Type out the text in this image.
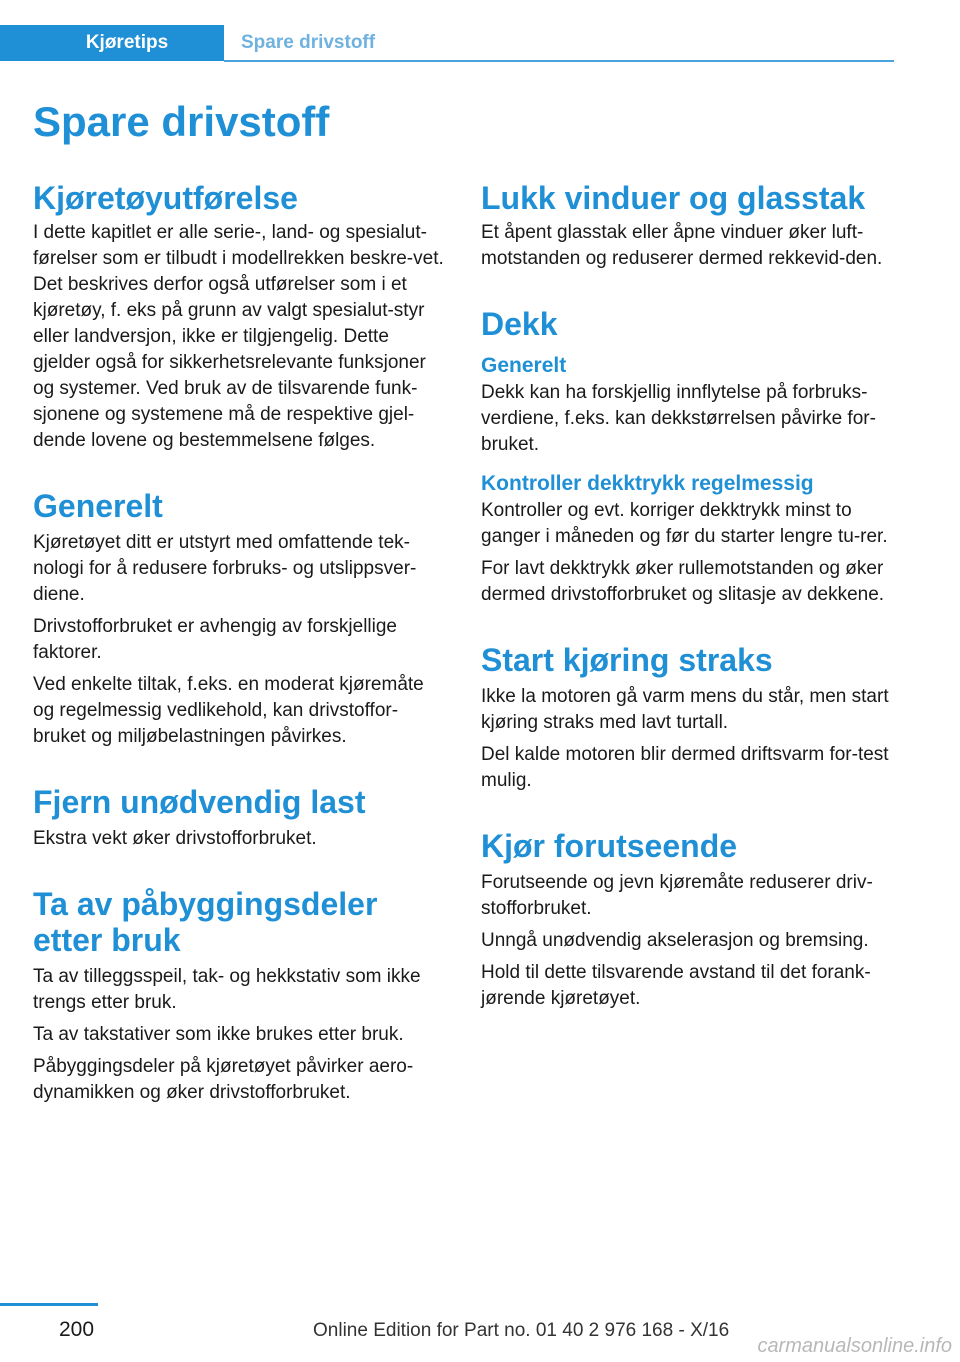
Kjøretips	Spare drivstoff
Spare drivstoff
Kjøretøyutførelse

I dette kapitlet er alle serie-, land- og spesialut-førelser som er tilbudt i modellrekken beskre-vet. Det beskrives derfor også utførelser som i et kjøretøy, f. eks på grunn av valgt spesialut-styr eller landversjon, ikke er tilgjengelig. Dette gjelder også for sikkerhetsrelevante funksjoner og systemer. Ved bruk av de tilsvarende funk-sjonene og systemene må de respektive gjel-dende lovene og bestemmelsene følges.

Generelt

Kjøretøyet ditt er utstyrt med omfattende tek-nologi for å redusere forbruks- og utslippsver-diene.

Drivstofforbruket er avhengig av forskjellige faktorer.

Ved enkelte tiltak, f.eks. en moderat kjøremåte og regelmessig vedlikehold, kan drivstoffor-bruket og miljøbelastningen påvirkes.

Fjern unødvendig last

Ekstra vekt øker drivstofforbruket.

Ta av påbyggingsdeler etter bruk

Ta av tilleggsspeil, tak- og hekkstativ som ikke trengs etter bruk.

Ta av takstativer som ikke brukes etter bruk.

Påbyggingsdeler på kjøretøyet påvirker aero-dynamikken og øker drivstofforbruket.

Lukk vinduer og glasstak

Et åpent glasstak eller åpne vinduer øker luft-motstanden og reduserer dermed rekkevid-den.

Dekk
Generelt

Dekk kan ha forskjellig innflytelse på forbruks-verdiene, f.eks. kan dekkstørrelsen påvirke for-bruket.

Kontroller dekktrykk regelmessig

Kontroller og evt. korriger dekktrykk minst to ganger i måneden og før du starter lengre tu-rer.

For lavt dekktrykk øker rullemotstanden og øker dermed drivstofforbruket og slitasje av dekkene.

Start kjøring straks

Ikke la motoren gå varm mens du står, men start kjøring straks med lavt turtall.

Del kalde motoren blir dermed driftsvarm for-test mulig.

Kjør forutseende

Forutseende og jevn kjøremåte reduserer driv-stofforbruket.

Unngå unødvendig akselerasjon og bremsing.

Hold til dette tilsvarende avstand til det forank-jørende kjøretøyet.

200	Online Edition for Part no. 01 40 2 976 168 - X/16
carmanualsonline.info
